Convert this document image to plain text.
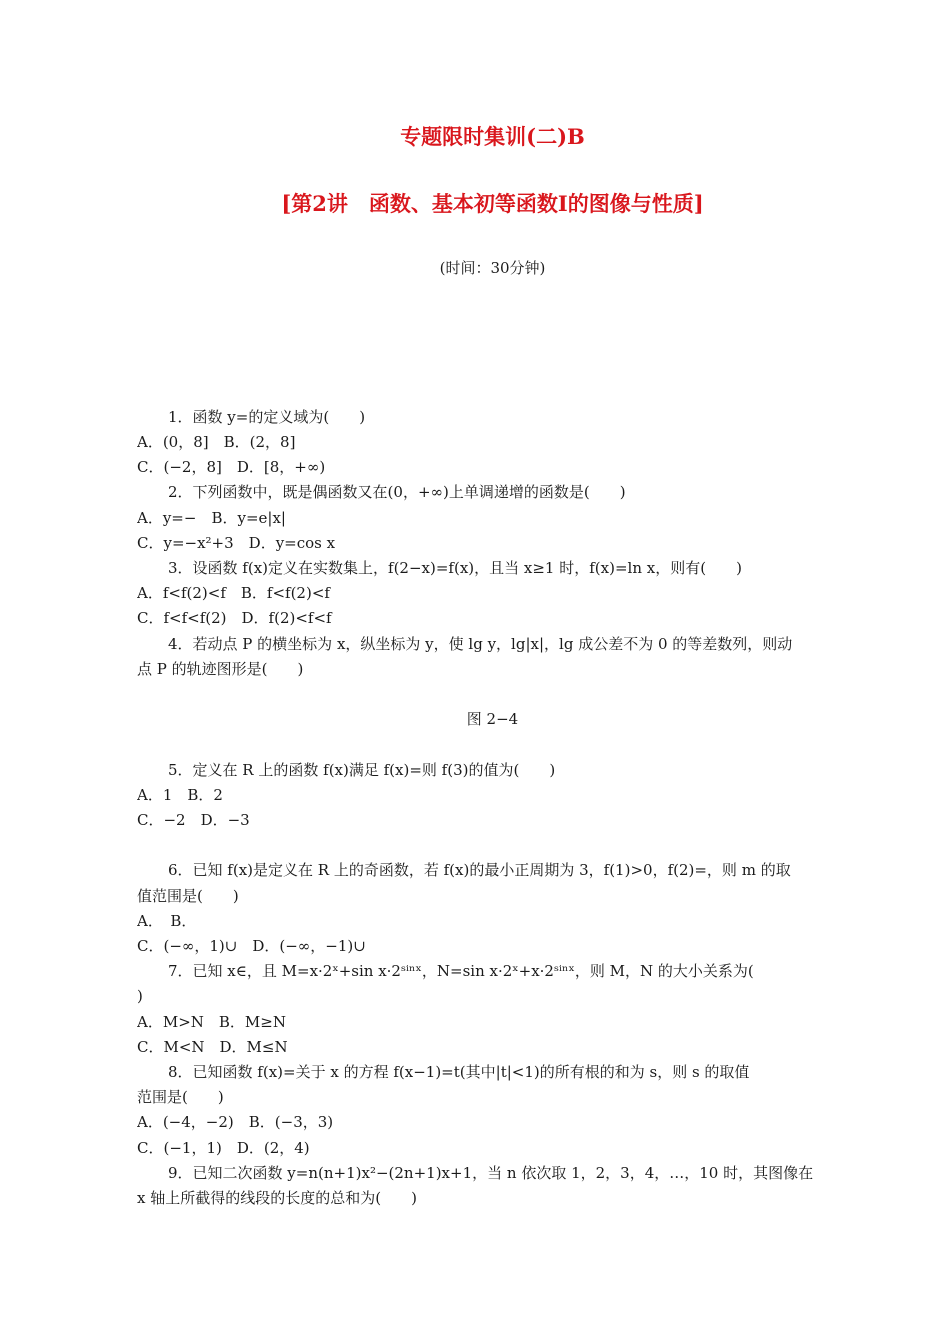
专题限时集训(二)B
[第2讲　函数、基本初等函数Ⅰ的图像与性质]
(时间：30分钟)
1．函数 y=的定义域为(　　)
A．(0，8]　B．(2，8]
C．(−2，8]　D．[8，+∞)
2．下列函数中，既是偶函数又在(0，+∞)上单调递增的函数是(　　)
A．y=−　B．y=e|x|
C．y=−x²+3　D．y=cos x
3．设函数 f(x)定义在实数集上，f(2−x)=f(x)，且当 x≥1 时，f(x)=ln x，则有(　　)
A．f<f(2)<f　B．f<f(2)<f
C．f<f<f(2)　D．f(2)<f<f
4．若动点 P 的横坐标为 x，纵坐标为 y，使 lg y，lg|x|，lg 成公差不为 0 的等差数列，则动
点 P 的轨迹图形是(　　)
图 2−4
5．定义在 R 上的函数 f(x)满足 f(x)=则 f(3)的值为(　　)
A．1　B．2
C．−2　D．−3
6．已知 f(x)是定义在 R 上的奇函数，若 f(x)的最小正周期为 3，f(1)>0，f(2)=，则 m 的取
值范围是(　　)
A．　B．
C．(−∞，1)∪　D．(−∞，−1)∪
7．已知 x∈，且 M=x·2ˣ+sin x·2ˢⁱⁿˣ，N=sin x·2ˣ+x·2ˢⁱⁿˣ，则 M，N 的大小关系为(
)
A．M>N　B．M≥N
C．M<N　D．M≤N
8．已知函数 f(x)=关于 x 的方程 f(x−1)=t(其中|t|<1)的所有根的和为 s，则 s 的取值
范围是(　　)
A．(−4，−2)　B．(−3，3)
C．(−1，1)　D．(2，4)
9．已知二次函数 y=n(n+1)x²−(2n+1)x+1，当 n 依次取 1，2，3，4，…，10 时，其图像在
x 轴上所截得的线段的长度的总和为(　　)
